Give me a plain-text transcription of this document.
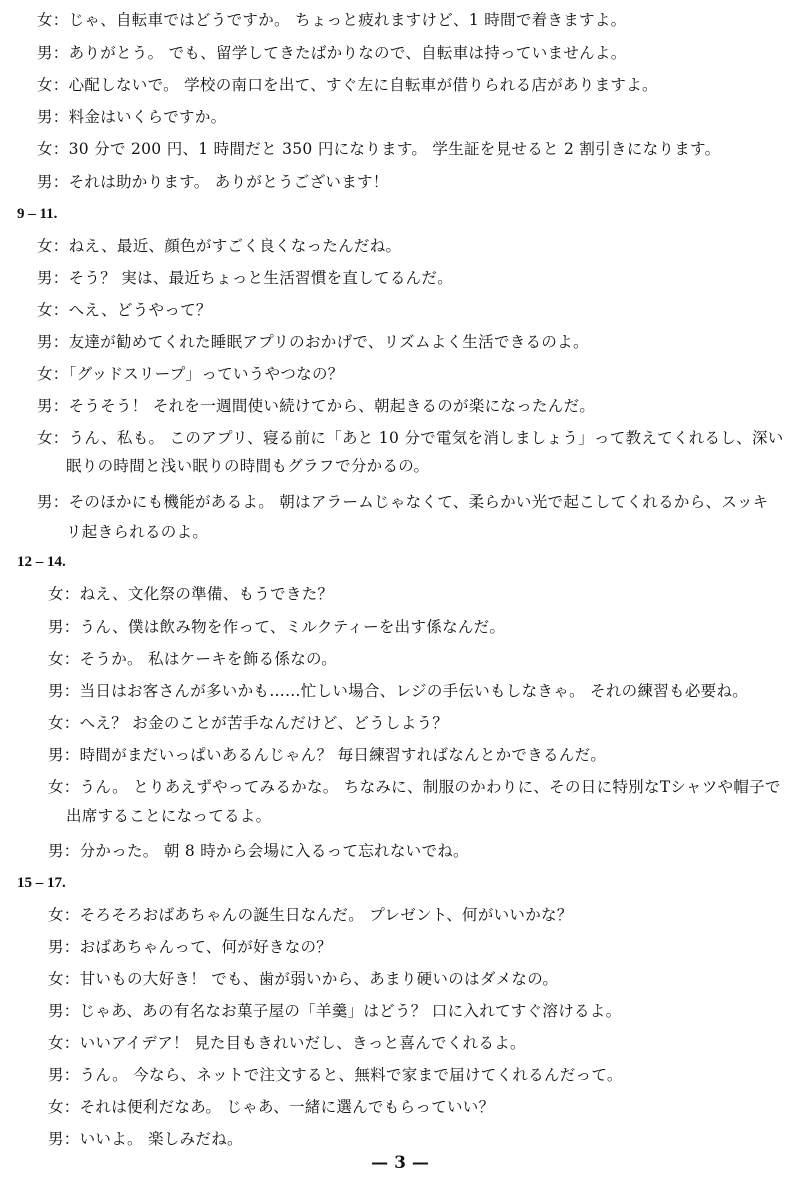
女：じゃ、自転車ではどうですか。 ちょっと疲れますけど、1 時間で着きますよ。
男：ありがとう。 でも、留学してきたばかりなので、自転車は持っていませんよ。
女：心配しないで。 学校の南口を出て、すぐ左に自転車が借りられる店がありますよ。
男：料金はいくらですか。
女：30 分で 200 円、1 時間だと 350 円になります。 学生証を見せると 2 割引きになります。
男：それは助かります。 ありがとうございます！
9 – 11.
女：ねえ、最近、顔色がすごく良くなったんだね。
男：そう？ 実は、最近ちょっと生活習慣を直してるんだ。
女：へえ、どうやって？
男：友達が勧めてくれた睡眠アプリのおかげで、リズムよく生活できるのよ。
女：「グッドスリープ」っていうやつなの？
男：そうそう！ それを一週間使い続けてから、朝起きるのが楽になったんだ。
女：うん、私も。 このアプリ、寝る前に「あと 10 分で電気を消しましょう」って教えてくれるし、深い
眠りの時間と浅い眠りの時間もグラフで分かるの。
男：そのほかにも機能があるよ。 朝はアラームじゃなくて、柔らかい光で起こしてくれるから、スッキ
リ起きられるのよ。
12 – 14.
女：ねえ、文化祭の準備、もうできた？
男：うん、僕は飲み物を作って、ミルクティーを出す係なんだ。
女：そうか。 私はケーキを飾る係なの。
男：当日はお客さんが多いかも……忙しい場合、レジの手伝いもしなきゃ。 それの練習も必要ね。
女：へえ？ お金のことが苦手なんだけど、どうしよう？
男：時間がまだいっぱいあるんじゃん？ 毎日練習すればなんとかできるんだ。
女：うん。 とりあえずやってみるかな。 ちなみに、制服のかわりに、その日に特別なTシャツや帽子で
出席することになってるよ。
男：分かった。 朝 8 時から会場に入るって忘れないでね。
15 – 17.
女：そろそろおばあちゃんの誕生日なんだ。 プレゼント、何がいいかな？
男：おばあちゃんって、何が好きなの？
女：甘いもの大好き！ でも、歯が弱いから、あまり硬いのはダメなの。
男：じゃあ、あの有名なお菓子屋の「羊羹」はどう？ 口に入れてすぐ溶けるよ。
女：いいアイデア！ 見た目もきれいだし、きっと喜んでくれるよ。
男：うん。 今なら、ネットで注文すると、無料で家まで届けてくれるんだって。
女：それは便利だなあ。 じゃあ、一緒に選んでもらっていい？
男：いいよ。 楽しみだね。
— 3 —
